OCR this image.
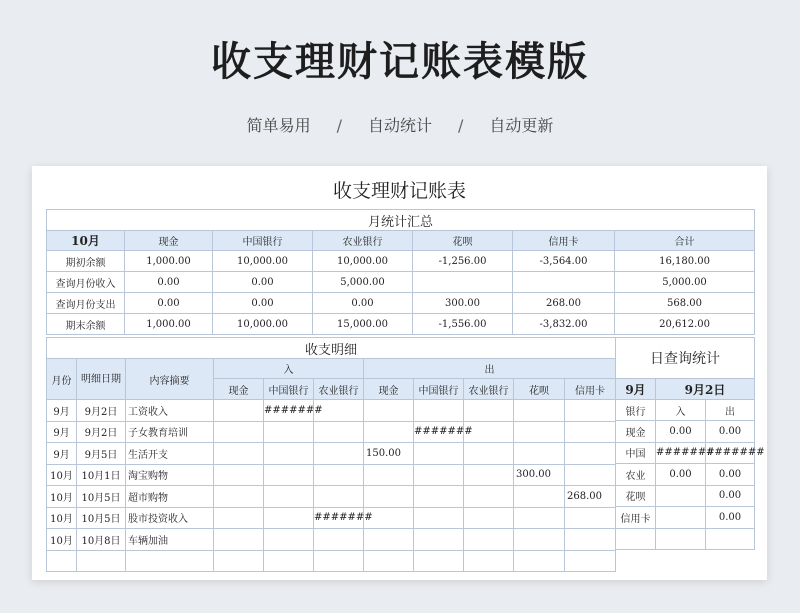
收支理财记账表模版
简单易用 / 自动统计 / 自动更新
收支理财记账表
月统计汇总						
10月	现金	中国银行	农业银行	花呗	信用卡	合计
期初余额	1,000.00	10,000.00	10,000.00	-1,256.00	-3,564.00	16,180.00
查询月份收入	0.00	0.00	5,000.00			5,000.00
查询月份支出	0.00	0.00	0.00	300.00	268.00	568.00
期末余额	1,000.00	10,000.00	15,000.00	-1,556.00	-3,832.00	20,612.00
收支明细										
月份	明细日期	内容摘要	入			出				
			现金	中国银行	农业银行	现金	中国银行	农业银行	花呗	信用卡
9月	9月2日	工资收入		#######						
9月	9月2日	子女教育培训					#######			
9月	9月5日	生活开支				150.00				
10月	10月1日	淘宝购物							300.00	
10月	10月5日	超市购物								268.00
10月	10月5日	股市投资收入			#######					
10月	10月8日	车辆加油								

日查询统计		
9月	9月2日	
银行	入	出
现金	0.00	0.00
中国	#######	#######
农业	0.00	0.00
花呗		0.00
信用卡		0.00
